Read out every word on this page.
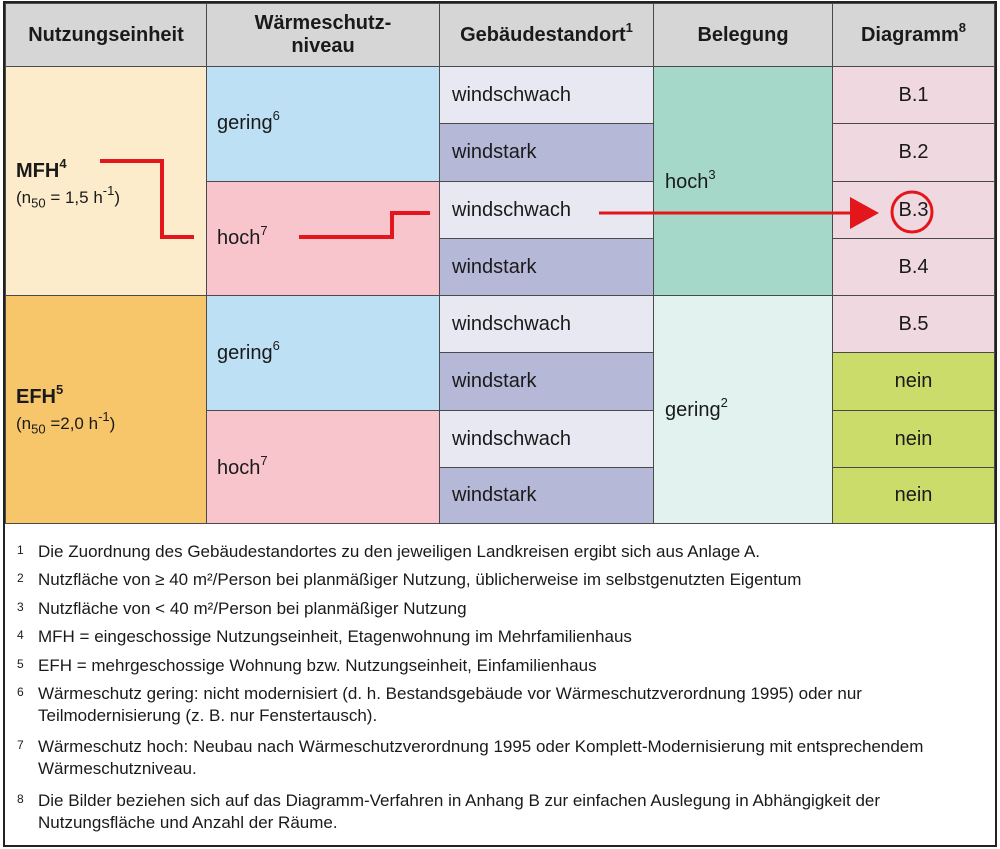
Nutzungseinheit
Wärmeschutz-
niveau
Gebäudestandort$^1$	Belegung	Diagramm$^8$
MFH$^4$
($n_{50} = 1,5$ $h^{-1}$)
EFH$^5$
($n_{50} =2,0$ $h^{-1}$)
gering$^6$
hoch$^7$
gering$^6$
hoch$^7$
windschwach
windstark
windschwach
windstark
windschwach
windstark
windschwach
windstark
hoch$^3$
gering$^2$
B.1
B.2
B.3
B.4
B.5
nein
nein
nein
1 Die Zuordnung des Gebäudestandortes zu den jeweiligen Landkreisen ergibt sich aus Anlage A.
2 Nutzfläche von ≥ 40 m²/Person bei planmäßiger Nutzung, üblicherweise im selbstgenutzten Eigentum
3 Nutzfläche von < 40 m²/Person bei planmäßiger Nutzung
4 MFH = eingeschossige Nutzungseinheit, Etagenwohnung im Mehrfamilienhaus
5 EFH = mehrgeschossige Wohnung bzw. Nutzungseinheit, Einfamilienhaus
6 Wärmeschutz gering: nicht modernisiert (d. h. Bestandsgebäude vor Wärmeschutzverordnung 1995) oder nur Teilmodernisierung (z. B. nur Fenstertausch).
7 Wärmeschutz hoch: Neubau nach Wärmeschutzverordnung 1995 oder Komplett-Modernisierung mit entsprechendem Wärmeschutzniveau.
8 Die Bilder beziehen sich auf das Diagramm-Verfahren in Anhang B zur einfachen Auslegung in Abhängigkeit der Nutzungsfläche und Anzahl der Räume.
